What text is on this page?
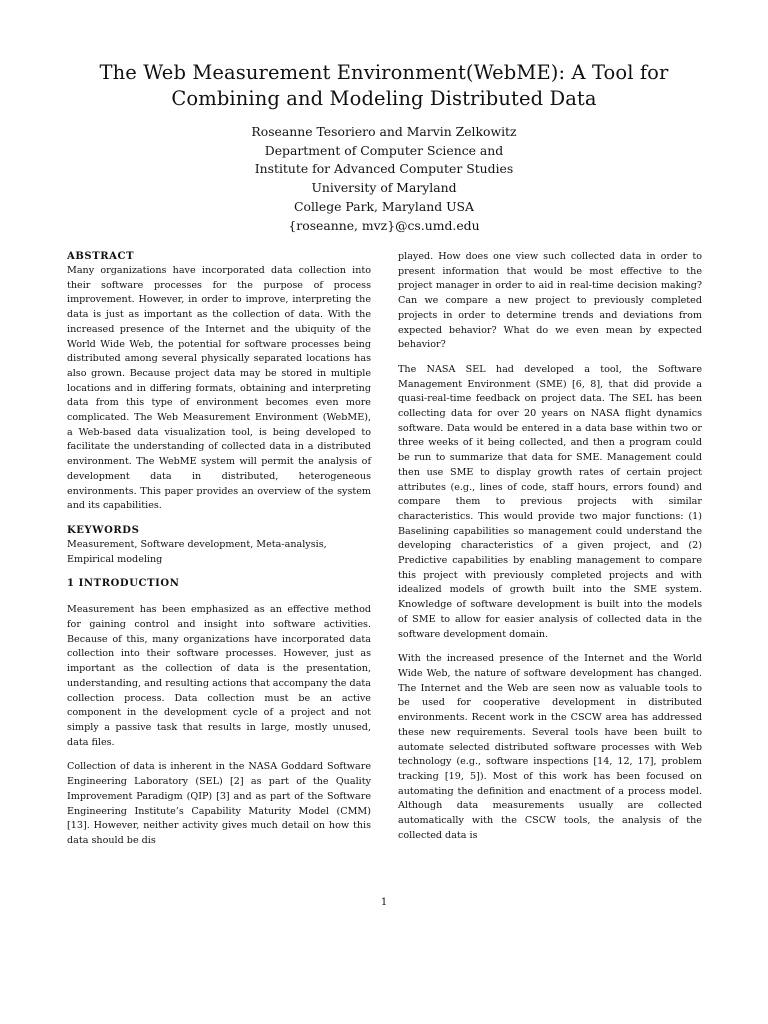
The Web Measurement Environment(WebME): A Tool for
Combining and Modeling Distributed Data
Roseanne Tesoriero and Marvin Zelkowitz
Department of Computer Science and
Institute for Advanced Computer Studies
University of Maryland
College Park, Maryland USA
{roseanne, mvz}@cs.umd.edu
ABSTRACT

Many organizations have incorporated data collection into their software processes for the purpose of process improvement. However, in order to improve, interpreting the data is just as important as the collection of data. With the increased presence of the Internet and the ubiquity of the World Wide Web, the potential for software processes being distributed among several physically separated locations has also grown. Because project data may be stored in multiple locations and in differing formats, obtaining and interpreting data from this type of environment becomes even more complicated. The Web Measurement Environment (WebME), a Web-based data visualization tool, is being developed to facilitate the understanding of collected data in a distributed environment. The WebME system will permit the analysis of development data in distributed, heterogeneous environments. This paper provides an overview of the system and its capabilities.

KEYWORDS

Measurement, Software development, Meta-analysis, Empirical modeling

1 INTRODUCTION

Measurement has been emphasized as an effective method for gaining control and insight into software activities. Because of this, many organizations have incorporated data collection into their software processes. However, just as important as the collection of data is the presentation, understanding, and resulting actions that accompany the data collection process. Data collection must be an active component in the development cycle of a project and not simply a passive task that results in large, mostly unused, data files.

Collection of data is inherent in the NASA Goddard Software Engineering Laboratory (SEL) [2] as part of the Quality Improvement Paradigm (QIP) [3] and as part of the Software Engineering Institute’s Capability Maturity Model (CMM) [13]. However, neither activity gives much detail on how this data should be dis

played. How does one view such collected data in order to present information that would be most effective to the project manager in order to aid in real-time decision making? Can we compare a new project to previously completed projects in order to determine trends and deviations from expected behavior? What do we even mean by expected behavior?

The NASA SEL had developed a tool, the Software Management Environment (SME) [6, 8], that did provide a quasi-real-time feedback on project data. The SEL has been collecting data for over 20 years on NASA flight dynamics software. Data would be entered in a data base within two or three weeks of it being collected, and then a program could be run to summarize that data for SME. Management could then use SME to display growth rates of certain project attributes (e.g., lines of code, staff hours, errors found) and compare them to previous projects with similar characteristics. This would provide two major functions: (1) Baselining capabilities so management could understand the developing characteristics of a given project, and (2) Predictive capabilities by enabling management to compare this project with previously completed projects and with idealized models of growth built into the SME system. Knowledge of software development is built into the models of SME to allow for easier analysis of collected data in the software development domain.

With the increased presence of the Internet and the World Wide Web, the nature of software development has changed. The Internet and the Web are seen now as valuable tools to be used for cooperative development in distributed environments. Recent work in the CSCW area has addressed these new requirements. Several tools have been built to automate selected distributed software processes with Web technology (e.g., software inspections [14, 12, 17], problem tracking [19, 5]). Most of this work has been focused on automating the definition and enactment of a process model. Although data measurements usually are collected automatically with the CSCW tools, the analysis of the collected data is

1
